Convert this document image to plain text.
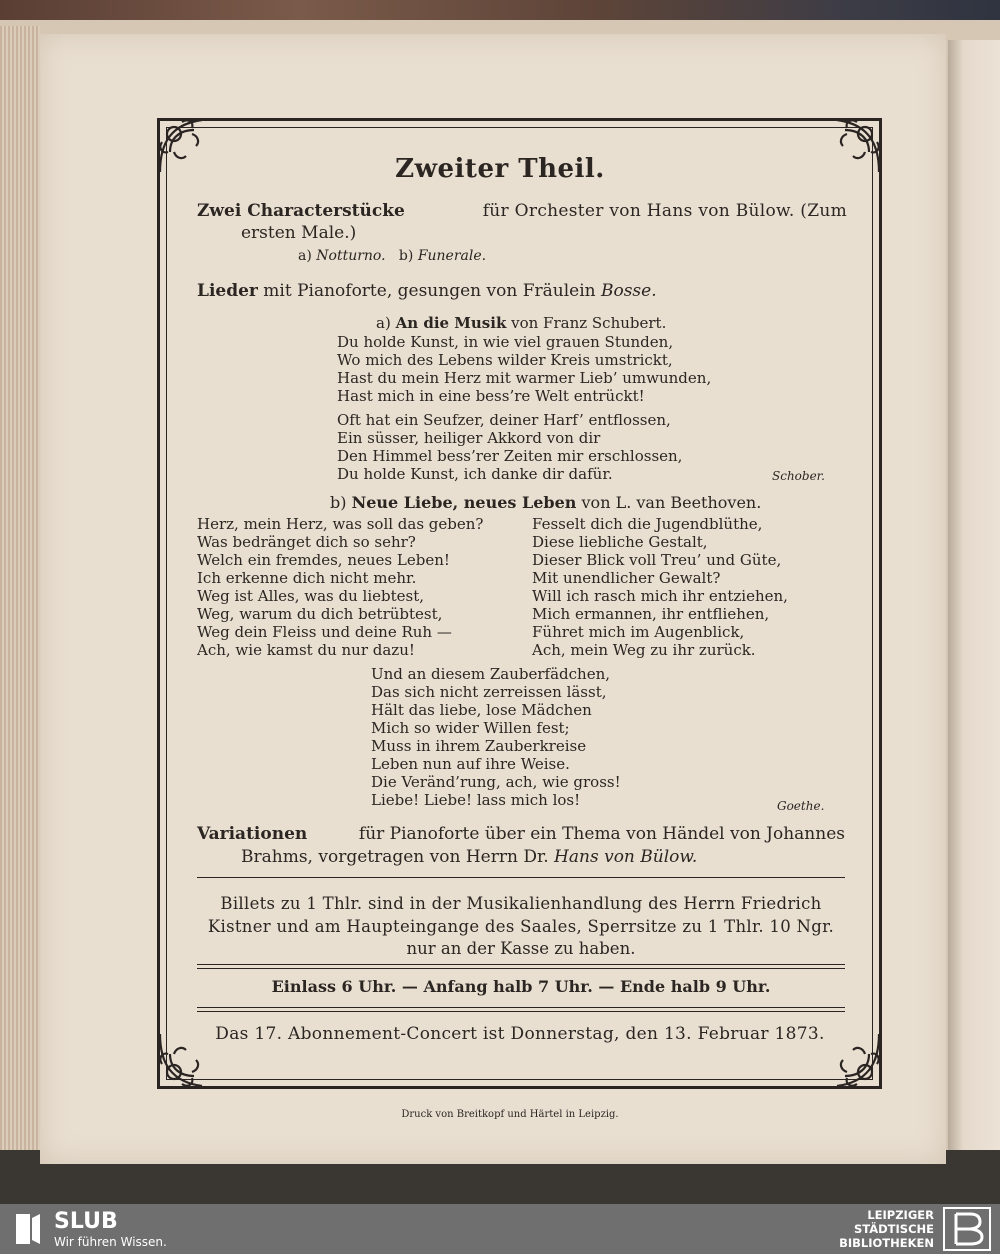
Zweiter Theil.
Zwei Characterstücke	für Orchester von Hans von Bülow. (Zum
ersten Male.)
a) Notturno. b) Funerale.
Lieder mit Pianoforte, gesungen von Fräulein Bosse.
a) An die Musik von Franz Schubert.
Du holde Kunst, in wie viel grauen Stunden,
Wo mich des Lebens wilder Kreis umstrickt,
Hast du mein Herz mit warmer Lieb’ umwunden,
Hast mich in eine bess’re Welt entrückt!
Oft hat ein Seufzer, deiner Harf’ entflossen,
Ein süsser, heiliger Akkord von dir
Den Himmel bess’rer Zeiten mir erschlossen,
Du holde Kunst, ich danke dir dafür.	Schober.
b) Neue Liebe, neues Leben von L. van Beethoven.
Herz, mein Herz, was soll das geben?
Was bedränget dich so sehr?
Welch ein fremdes, neues Leben!
Ich erkenne dich nicht mehr.
Weg ist Alles, was du liebtest,
Weg, warum du dich betrübtest,
Weg dein Fleiss und deine Ruh —
Ach, wie kamst du nur dazu!
Fesselt dich die Jugendblüthe,
Diese liebliche Gestalt,
Dieser Blick voll Treu’ und Güte,
Mit unendlicher Gewalt?
Will ich rasch mich ihr entziehen,
Mich ermannen, ihr entfliehen,
Führet mich im Augenblick,
Ach, mein Weg zu ihr zurück.
Und an diesem Zauberfädchen,
Das sich nicht zerreissen lässt,
Hält das liebe, lose Mädchen
Mich so wider Willen fest;
Muss in ihrem Zauberkreise
Leben nun auf ihre Weise.
Die Veränd’rung, ach, wie gross!
Liebe! Liebe! lass mich los!	Goethe.
Variationen	für Pianoforte über ein Thema von Händel von Johannes
Brahms, vorgetragen von Herrn Dr. Hans von Bülow.
Billets zu 1 Thlr. sind in der Musikalienhandlung des Herrn Friedrich
Kistner und am Haupteingange des Saales, Sperrsitze zu 1 Thlr. 10 Ngr.
nur an der Kasse zu haben.
Einlass 6 Uhr. — Anfang halb 7 Uhr. — Ende halb 9 Uhr.
Das 17. Abonnement-Concert ist Donnerstag, den 13. Februar 1873.
Druck von Breitkopf und Härtel in Leipzig.
SLUB
Wir führen Wissen.
LEIPZIGER
STÄDTISCHE
BIBLIOTHEKEN
